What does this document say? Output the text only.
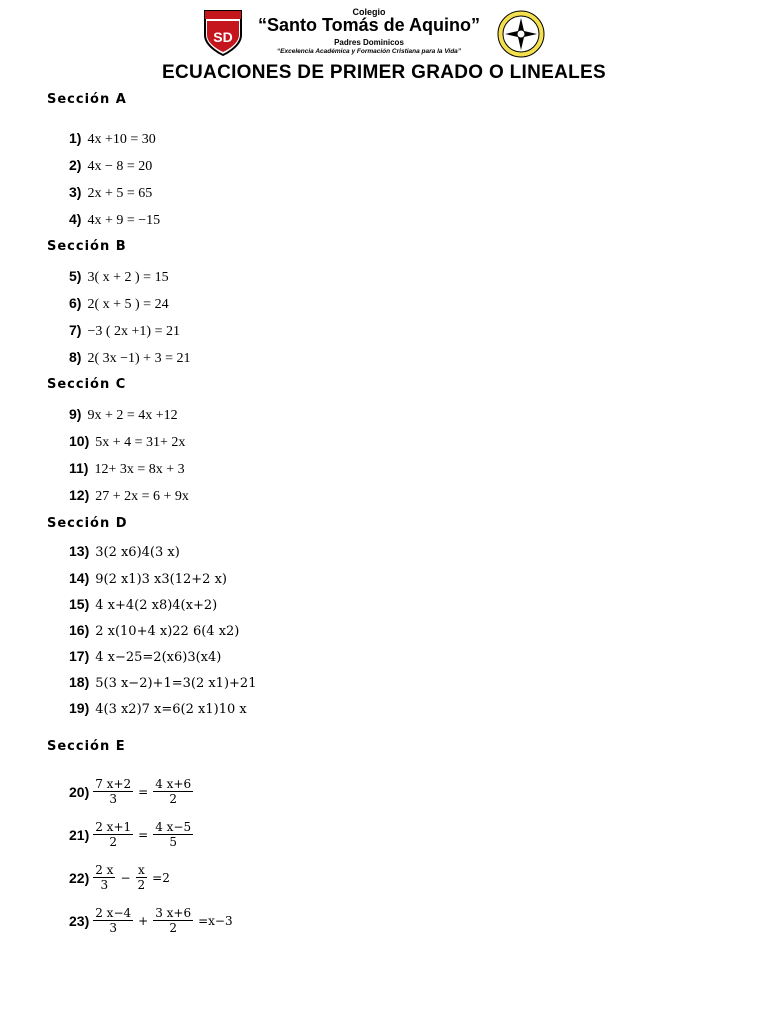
SD
Colegio
“Santo Tomás de Aquino”
Padres Dominicos
“Excelencia Académica y Formación Cristiana para la Vida”
ECUACIONES DE PRIMER GRADO O LINEALES
Sección A
1) 4x +10 = 30
2) 4x − 8 = 20
3) 2x + 5 = 65
4) 4x + 9 = −15
Sección B
5) 3( x + 2 ) = 15
6) 2( x + 5 ) = 24
7) −3 ( 2x +1) = 21
8) 2( 3x −1) + 3 = 21
Sección C
9) 9x + 2 = 4x +12
10) 5x + 4 = 31+ 2x
11) 12+ 3x = 8x + 3
12) 27 + 2x = 6 + 9x
Sección D
13) 3(2 x6)4(3 x)
14) 9(2 x1)3 x3(12+2 x)
15) 4 x+4(2 x8)4(x+2)
16) 2 x(10+4 x)22 6(4 x2)
17) 4 x−25=2(x6)3(x4)
18) 5(3 x−2)+1=3(2 x1)+21
19) 4(3 x2)7 x=6(2 x1)10 x
Sección E
$20) \frac{7 x+2}{3} = \frac{4 x+6}{2}$
$21) \frac{2 x+1}{2} = \frac{4 x-5}{5}$
$22) \frac{2 x}{3} - \frac{x}{2} =2$
$23) \frac{2 x-4}{3} + \frac{3 x+6}{2} =x-3$
